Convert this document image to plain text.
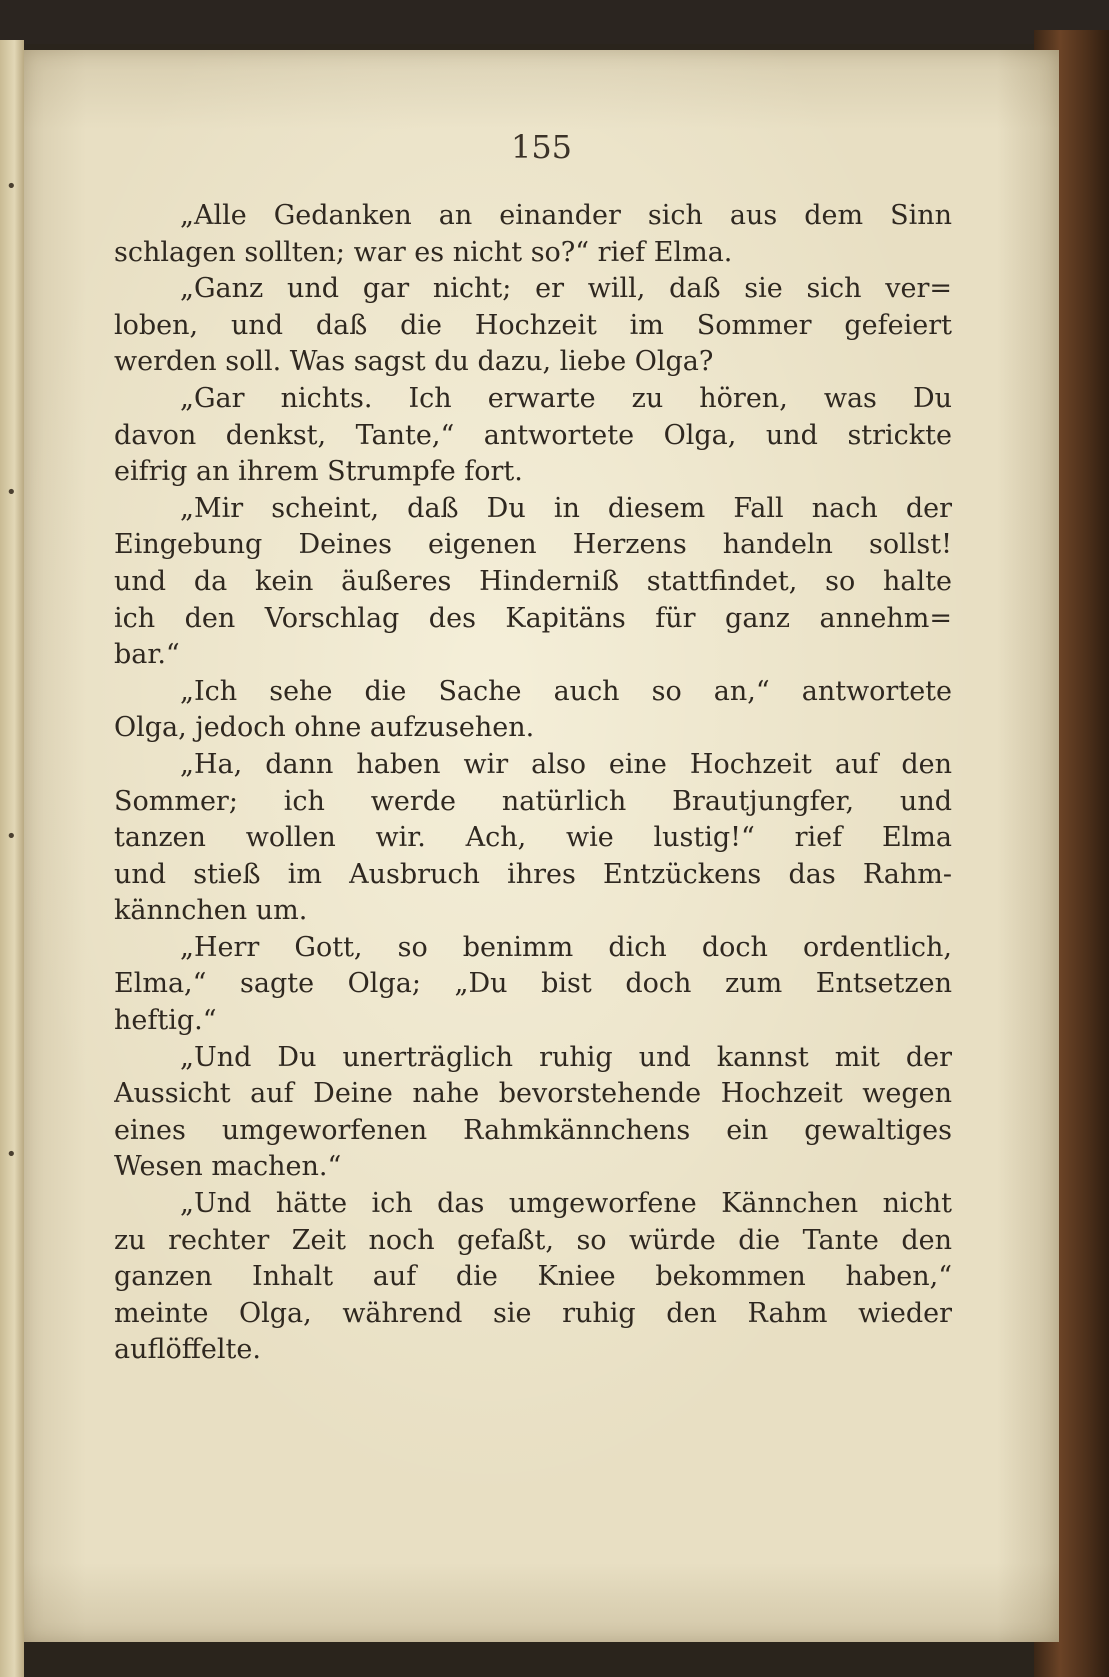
155
„Alle Gedanken an einander sich aus dem Sinn
schlagen sollten; war es nicht so?“ rief Elma.
„Ganz und gar nicht; er will, daß sie sich ver=
loben, und daß die Hochzeit im Sommer gefeiert
werden soll. Was sagst du dazu, liebe Olga?
„Gar nichts. Ich erwarte zu hören, was Du
davon denkst, Tante,“ antwortete Olga, und strickte
eifrig an ihrem Strumpfe fort.
„Mir scheint, daß Du in diesem Fall nach der
Eingebung Deines eigenen Herzens handeln sollst!
und da kein äußeres Hinderniß stattfindet, so halte
ich den Vorschlag des Kapitäns für ganz annehm=
bar.“
„Ich sehe die Sache auch so an,“ antwortete
Olga, jedoch ohne aufzusehen.
„Ha, dann haben wir also eine Hochzeit auf den
Sommer; ich werde natürlich Brautjungfer, und
tanzen wollen wir. Ach, wie lustig!“ rief Elma
und stieß im Ausbruch ihres Entzückens das Rahm-
kännchen um.
„Herr Gott, so benimm dich doch ordentlich,
Elma,“ sagte Olga; „Du bist doch zum Entsetzen
heftig.“
„Und Du unerträglich ruhig und kannst mit der
Aussicht auf Deine nahe bevorstehende Hochzeit wegen
eines umgeworfenen Rahmkännchens ein gewaltiges
Wesen machen.“
„Und hätte ich das umgeworfene Kännchen nicht
zu rechter Zeit noch gefaßt, so würde die Tante den
ganzen Inhalt auf die Kniee bekommen haben,“
meinte Olga, während sie ruhig den Rahm wieder
auflöffelte.
•
•
•
•
